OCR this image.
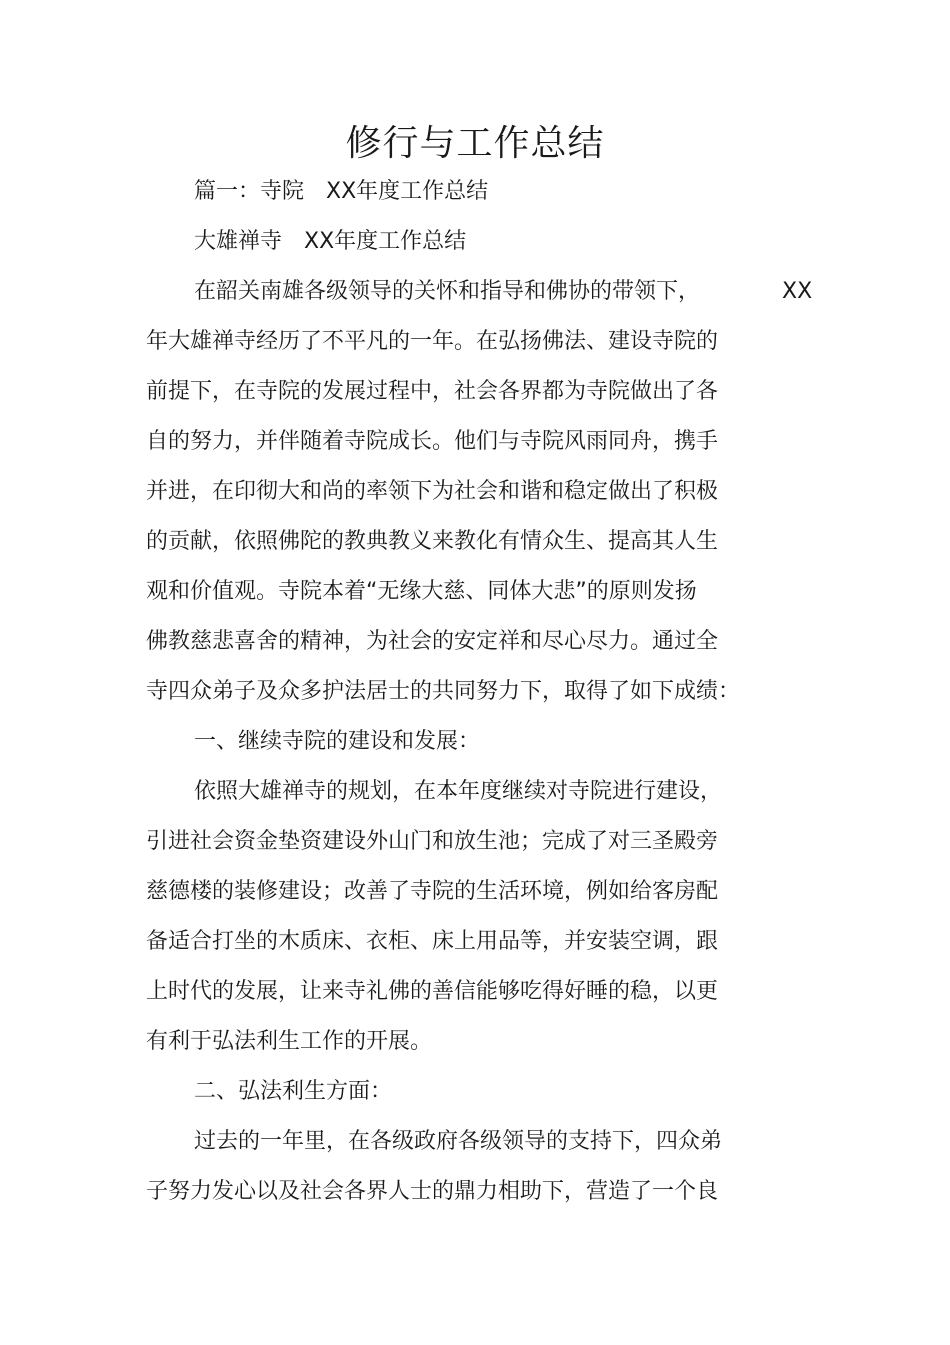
修行与工作总结
篇一：寺院　XX年度工作总结
大雄禅寺　XX年度工作总结
在韶关南雄各级领导的关怀和指导和佛协的带领下，	XX
年大雄禅寺经历了不平凡的一年。在弘扬佛法、建设寺院的
前提下，在寺院的发展过程中，社会各界都为寺院做出了各
自的努力，并伴随着寺院成长。他们与寺院风雨同舟，携手
并进，在印彻大和尚的率领下为社会和谐和稳定做出了积极
的贡献，依照佛陀的教典教义来教化有情众生、提高其人生
观和价值观。寺院本着“无缘大慈、同体大悲”的原则发扬
佛教慈悲喜舍的精神，为社会的安定祥和尽心尽力。通过全
寺四众弟子及众多护法居士的共同努力下，取得了如下成绩：
一、继续寺院的建设和发展：
依照大雄禅寺的规划，在本年度继续对寺院进行建设，
引进社会资金垫资建设外山门和放生池；完成了对三圣殿旁
慈德楼的装修建设；改善了寺院的生活环境，例如给客房配
备适合打坐的木质床、衣柜、床上用品等，并安装空调，跟
上时代的发展，让来寺礼佛的善信能够吃得好睡的稳，以更
有利于弘法利生工作的开展。
二、弘法利生方面：
过去的一年里，在各级政府各级领导的支持下，四众弟
子努力发心以及社会各界人士的鼎力相助下，营造了一个良
